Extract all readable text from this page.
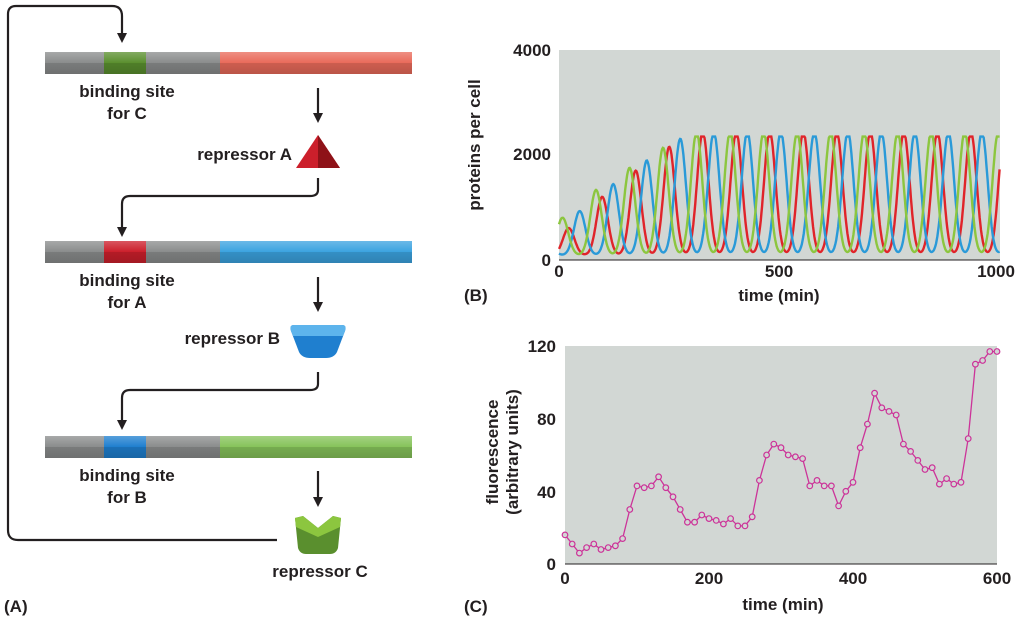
binding site
for C
repressor A
binding site
for A
repressor B
binding site
for B
repressor C
(A)
0
2000
4000
0	500	1000
time (min)
proteins per cell
(B)
0
40
80
120
0	200	400	600
time (min)
fluorescence (arbitrary units)
(C)
